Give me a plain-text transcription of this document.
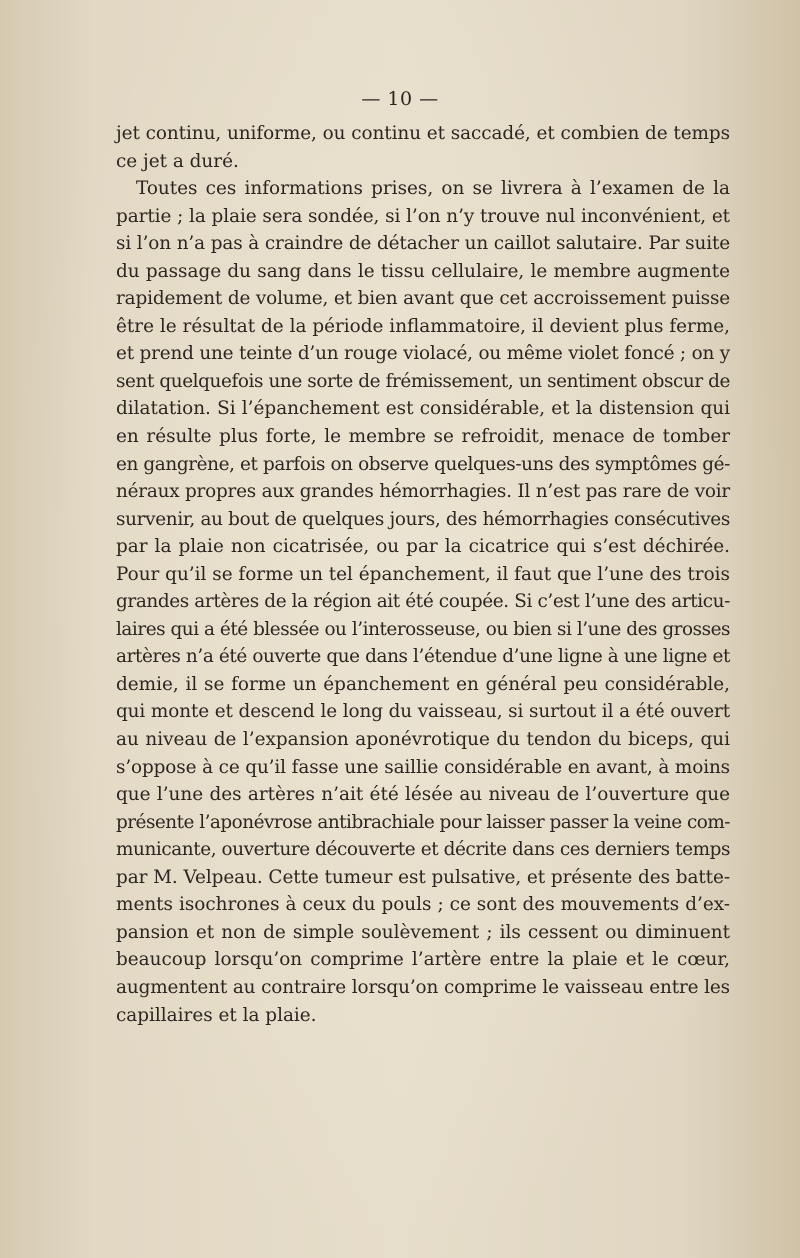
— 10 —
jet continu, uniforme, ou continu et saccadé, et combien de temps
ce jet a duré.
Toutes ces informations prises, on se livrera à l’examen de la
partie ; la plaie sera sondée, si l’on n’y trouve nul inconvénient, et
si l’on n’a pas à craindre de détacher un caillot salutaire. Par suite
du passage du sang dans le tissu cellulaire, le membre augmente
rapidement de volume, et bien avant que cet accroissement puisse
être le résultat de la période inflammatoire, il devient plus ferme,
et prend une teinte d’un rouge violacé, ou même violet foncé ; on y
sent quelquefois une sorte de frémissement, un sentiment obscur de
dilatation. Si l’épanchement est considérable, et la distension qui
en résulte plus forte, le membre se refroidit, menace de tomber
en gangrène, et parfois on observe quelques-uns des symptômes gé-
néraux propres aux grandes hémorrhagies. Il n’est pas rare de voir
survenir, au bout de quelques jours, des hémorrhagies consécutives
par la plaie non cicatrisée, ou par la cicatrice qui s’est déchirée.
Pour qu’il se forme un tel épanchement, il faut que l’une des trois
grandes artères de la région ait été coupée. Si c’est l’une des articu-
laires qui a été blessée ou l’interosseuse, ou bien si l’une des grosses
artères n’a été ouverte que dans l’étendue d’une ligne à une ligne et
demie, il se forme un épanchement en général peu considérable,
qui monte et descend le long du vaisseau, si surtout il a été ouvert
au niveau de l’expansion aponévrotique du tendon du biceps, qui
s’oppose à ce qu’il fasse une saillie considérable en avant, à moins
que l’une des artères n’ait été lésée au niveau de l’ouverture que
présente l’aponévrose antibrachiale pour laisser passer la veine com-
municante, ouverture découverte et décrite dans ces derniers temps
par M. Velpeau. Cette tumeur est pulsative, et présente des batte-
ments isochrones à ceux du pouls ; ce sont des mouvements d’ex-
pansion et non de simple soulèvement ; ils cessent ou diminuent
beaucoup lorsqu’on comprime l’artère entre la plaie et le cœur,
augmentent au contraire lorsqu’on comprime le vaisseau entre les
capillaires et la plaie.
